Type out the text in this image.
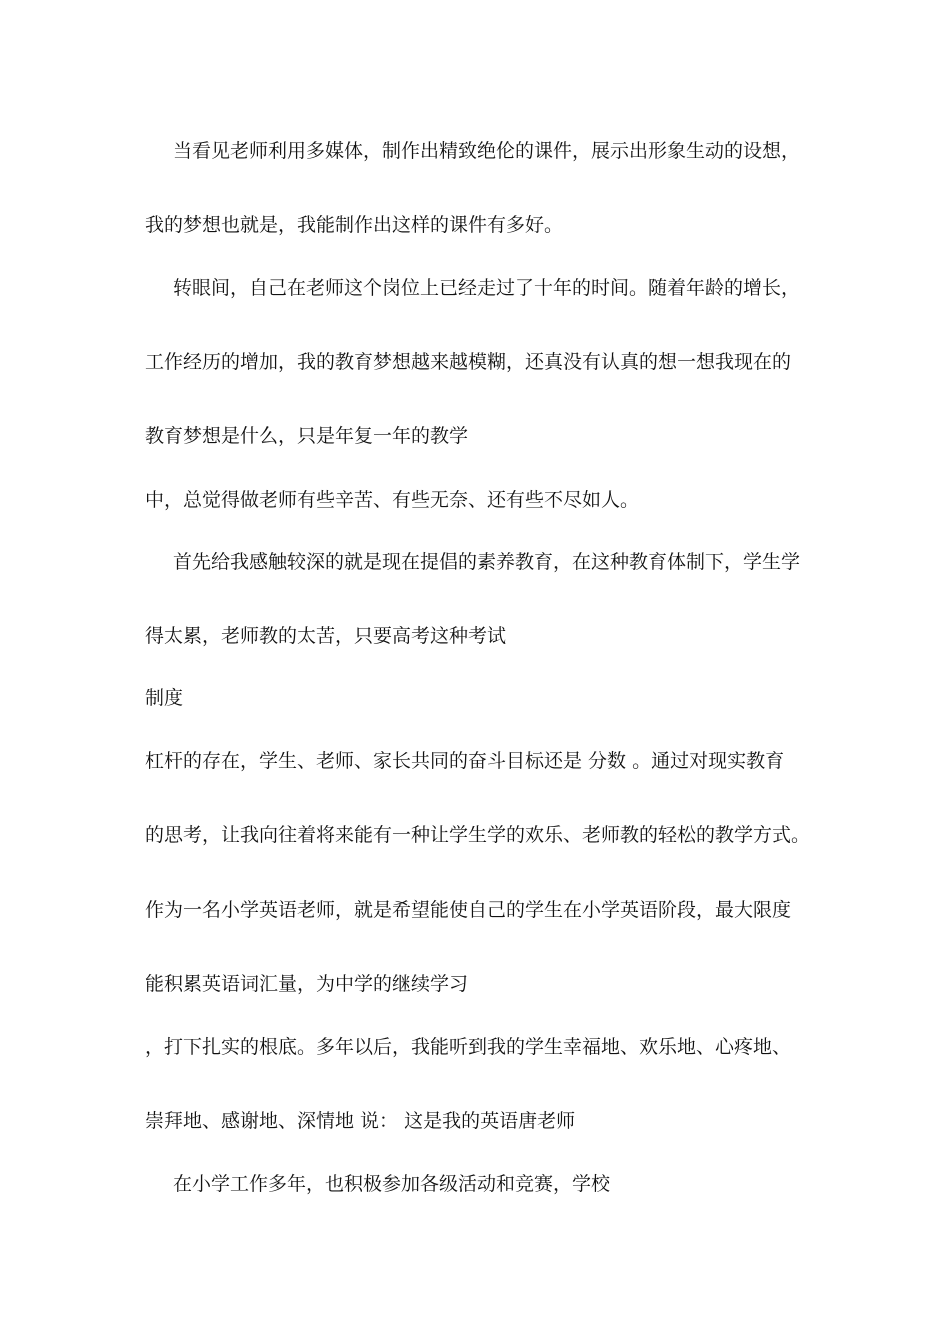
当看见老师利用多媒体，制作出精致绝伦的课件，展示出形象生动的设想，
我的梦想也就是，我能制作出这样的课件有多好。
转眼间，自己在老师这个岗位上已经走过了十年的时间。随着年龄的增长，
工作经历的增加，我的教育梦想越来越模糊，还真没有认真的想一想我现在的
教育梦想是什么，只是年复一年的教学
中，总觉得做老师有些辛苦、有些无奈、还有些不尽如人。
首先给我感触较深的就是现在提倡的素养教育，在这种教育体制下，学生学
得太累，老师教的太苦，只要高考这种考试
制度
杠杆的存在，学生、老师、家长共同的奋斗目标还是 分数 。通过对现实教育
的思考，让我向往着将来能有一种让学生学的欢乐、老师教的轻松的教学方式。
作为一名小学英语老师，就是希望能使自己的学生在小学英语阶段，最大限度
能积累英语词汇量，为中学的继续学习
，打下扎实的根底。多年以后，我能听到我的学生幸福地、欢乐地、心疼地、
崇拜地、感谢地、深情地 说： 这是我的英语唐老师
在小学工作多年，也积极参加各级活动和竞赛，学校
